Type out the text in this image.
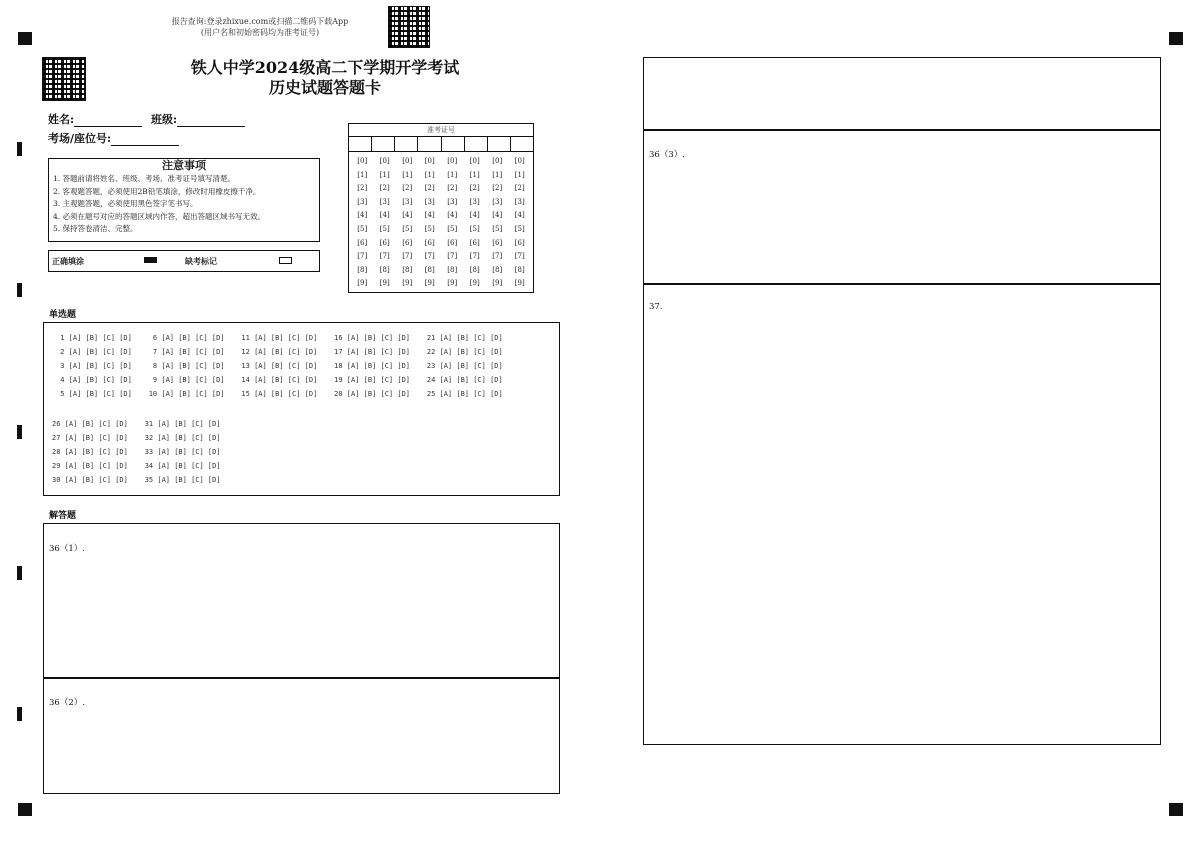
报告查询:登录zhixue.com或扫描二维码下载App
(用户名和初始密码均为准考证号)
铁人中学2024级高二下学期开学考试
历史试题答题卡
姓名:	班级:
考场/座位号:
注意事项
1. 答题前请将姓名、班级、考场、准考证号填写清楚。
2. 客观题答题，必须使用2B铅笔填涂，修改时用橡皮擦干净。
3. 主观题答题，必须使用黑色签字笔书写。
4. 必须在题号对应的答题区域内作答，超出答题区域书写无效。
5. 保持答卷清洁、完整。
正确填涂	缺考标记
准考证号
[0]	[0]	[0]	[0]	[0]	[0]	[0]	[0]
[1]	[1]	[1]	[1]	[1]	[1]	[1]	[1]
[2]	[2]	[2]	[2]	[2]	[2]	[2]	[2]
[3]	[3]	[3]	[3]	[3]	[3]	[3]	[3]
[4]	[4]	[4]	[4]	[4]	[4]	[4]	[4]
[5]	[5]	[5]	[5]	[5]	[5]	[5]	[5]
[6]	[6]	[6]	[6]	[6]	[6]	[6]	[6]
[7]	[7]	[7]	[7]	[7]	[7]	[7]	[7]
[8]	[8]	[8]	[8]	[8]	[8]	[8]	[8]
[9]	[9]	[9]	[9]	[9]	[9]	[9]	[9]
单选题
解答题
1 [A] [B] [C] [D]     6 [A] [B] [C] [D]    11 [A] [B] [C] [D]    16 [A] [B] [C] [D]    21 [A] [B] [C] [D]
2 [A] [B] [C] [D]     7 [A] [B] [C] [D]    12 [A] [B] [C] [D]    17 [A] [B] [C] [D]    22 [A] [B] [C] [D]
3 [A] [B] [C] [D]     8 [A] [B] [C] [D]    13 [A] [B] [C] [D]    18 [A] [B] [C] [D]    23 [A] [B] [C] [D]
4 [A] [B] [C] [D]     9 [A] [B] [C] [D]    14 [A] [B] [C] [D]    19 [A] [B] [C] [D]    24 [A] [B] [C] [D]
5 [A] [B] [C] [D]    10 [A] [B] [C] [D]    15 [A] [B] [C] [D]    20 [A] [B] [C] [D]    25 [A] [B] [C] [D]
26 [A] [B] [C] [D]    31 [A] [B] [C] [D]
27 [A] [B] [C] [D]    32 [A] [B] [C] [D]
28 [A] [B] [C] [D]    33 [A] [B] [C] [D]
29 [A] [B] [C] [D]    34 [A] [B] [C] [D]
30 [A] [B] [C] [D]    35 [A] [B] [C] [D]
36（1）.
36（2）.
36（3）.
37.
